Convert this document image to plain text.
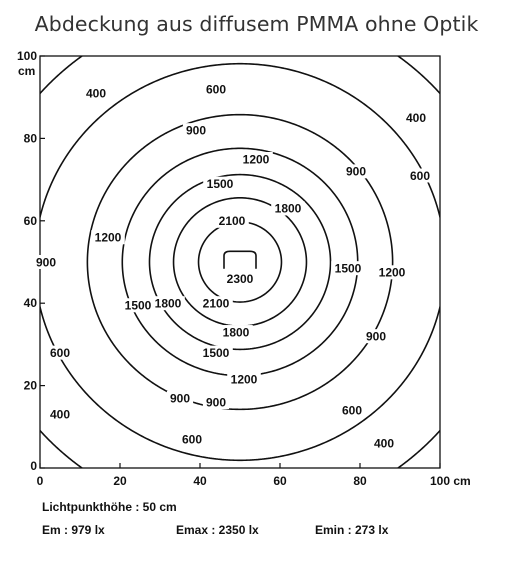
Abdeckung aus diffusem PMMA ohne Optik
400
400
400
400
600
600
600
600
600
900
900
900
900
900 900
1200
1200
1200
1200
1500
1500
1500
1500
1800
1800
1800
2100
2100
2300
0	20	40	60	80	100 cm
0
20
40
60
80
100
cm
Lichtpunkthöhe : 50 cm
Em : 979 lx	Emax : 2350 lx	Emin : 273 lx
